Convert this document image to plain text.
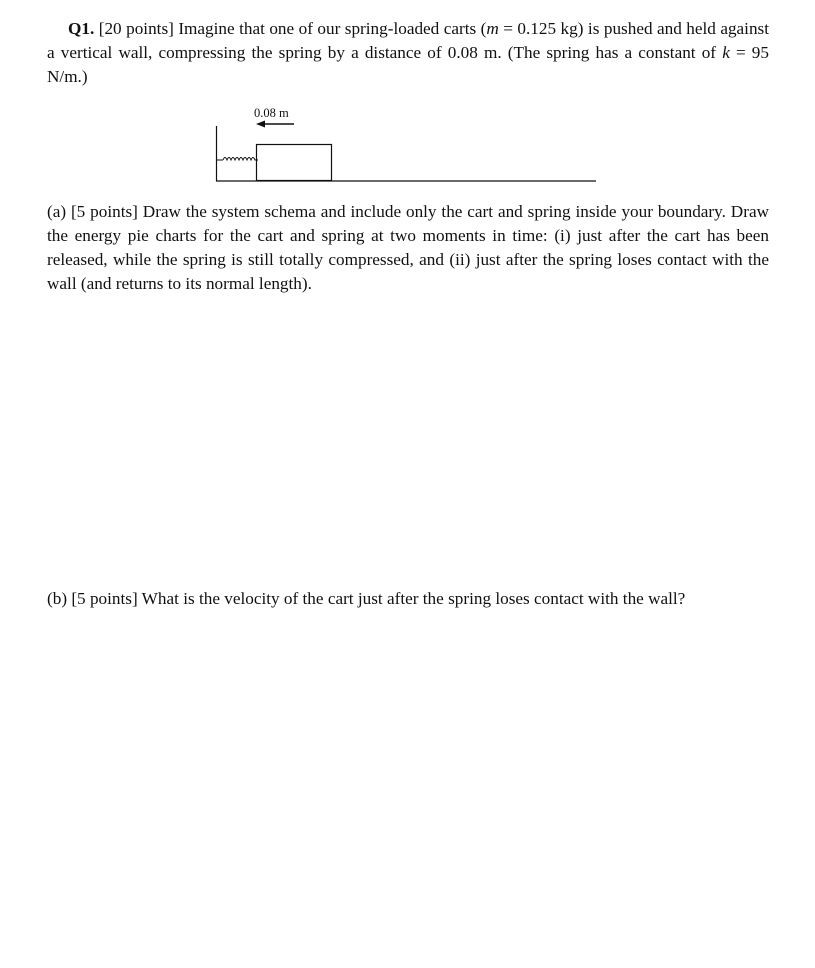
Q1. [20 points] Imagine that one of our spring-loaded carts (m = 0.125 kg) is pushed and held against a vertical wall, compressing the spring by a distance of 0.08 m. (The spring has a constant of k = 95 N/m.)

0.08 m

(a) [5 points] Draw the system schema and include only the cart and spring inside your boundary. Draw the energy pie charts for the cart and spring at two moments in time: (i) just after the cart has been released, while the spring is still totally compressed, and (ii) just after the spring loses contact with the wall (and returns to its normal length).

(b) [5 points] What is the velocity of the cart just after the spring loses contact with the wall?
